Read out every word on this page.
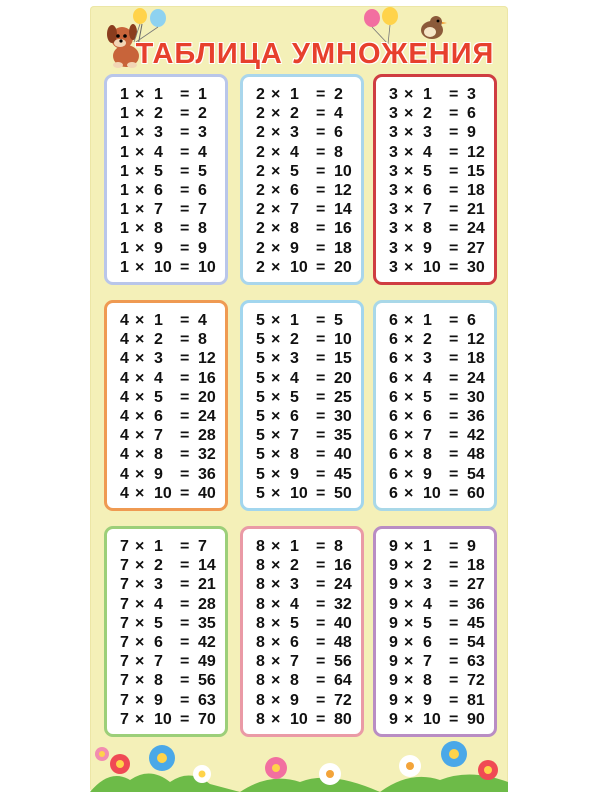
ТАБЛИЦА УМНОЖЕНИЯ
1 × 1 = 1
1 × 2 = 2
1 × 3 = 3
1 × 4 = 4
1 × 5 = 5
1 × 6 = 6
1 × 7 = 7
1 × 8 = 8
1 × 9 = 9
1 × 10 = 10
2 × 1 = 2
2 × 2 = 4
2 × 3 = 6
2 × 4 = 8
2 × 5 = 10
2 × 6 = 12
2 × 7 = 14
2 × 8 = 16
2 × 9 = 18
2 × 10 = 20
3 × 1 = 3
3 × 2 = 6
3 × 3 = 9
3 × 4 = 12
3 × 5 = 15
3 × 6 = 18
3 × 7 = 21
3 × 8 = 24
3 × 9 = 27
3 × 10 = 30
4 × 1 = 4
4 × 2 = 8
4 × 3 = 12
4 × 4 = 16
4 × 5 = 20
4 × 6 = 24
4 × 7 = 28
4 × 8 = 32
4 × 9 = 36
4 × 10 = 40
5 × 1 = 5
5 × 2 = 10
5 × 3 = 15
5 × 4 = 20
5 × 5 = 25
5 × 6 = 30
5 × 7 = 35
5 × 8 = 40
5 × 9 = 45
5 × 10 = 50
6 × 1 = 6
6 × 2 = 12
6 × 3 = 18
6 × 4 = 24
6 × 5 = 30
6 × 6 = 36
6 × 7 = 42
6 × 8 = 48
6 × 9 = 54
6 × 10 = 60
7 × 1 = 7
7 × 2 = 14
7 × 3 = 21
7 × 4 = 28
7 × 5 = 35
7 × 6 = 42
7 × 7 = 49
7 × 8 = 56
7 × 9 = 63
7 × 10 = 70
8 × 1 = 8
8 × 2 = 16
8 × 3 = 24
8 × 4 = 32
8 × 5 = 40
8 × 6 = 48
8 × 7 = 56
8 × 8 = 64
8 × 9 = 72
8 × 10 = 80
9 × 1 = 9
9 × 2 = 18
9 × 3 = 27
9 × 4 = 36
9 × 5 = 45
9 × 6 = 54
9 × 7 = 63
9 × 8 = 72
9 × 9 = 81
9 × 10 = 90
